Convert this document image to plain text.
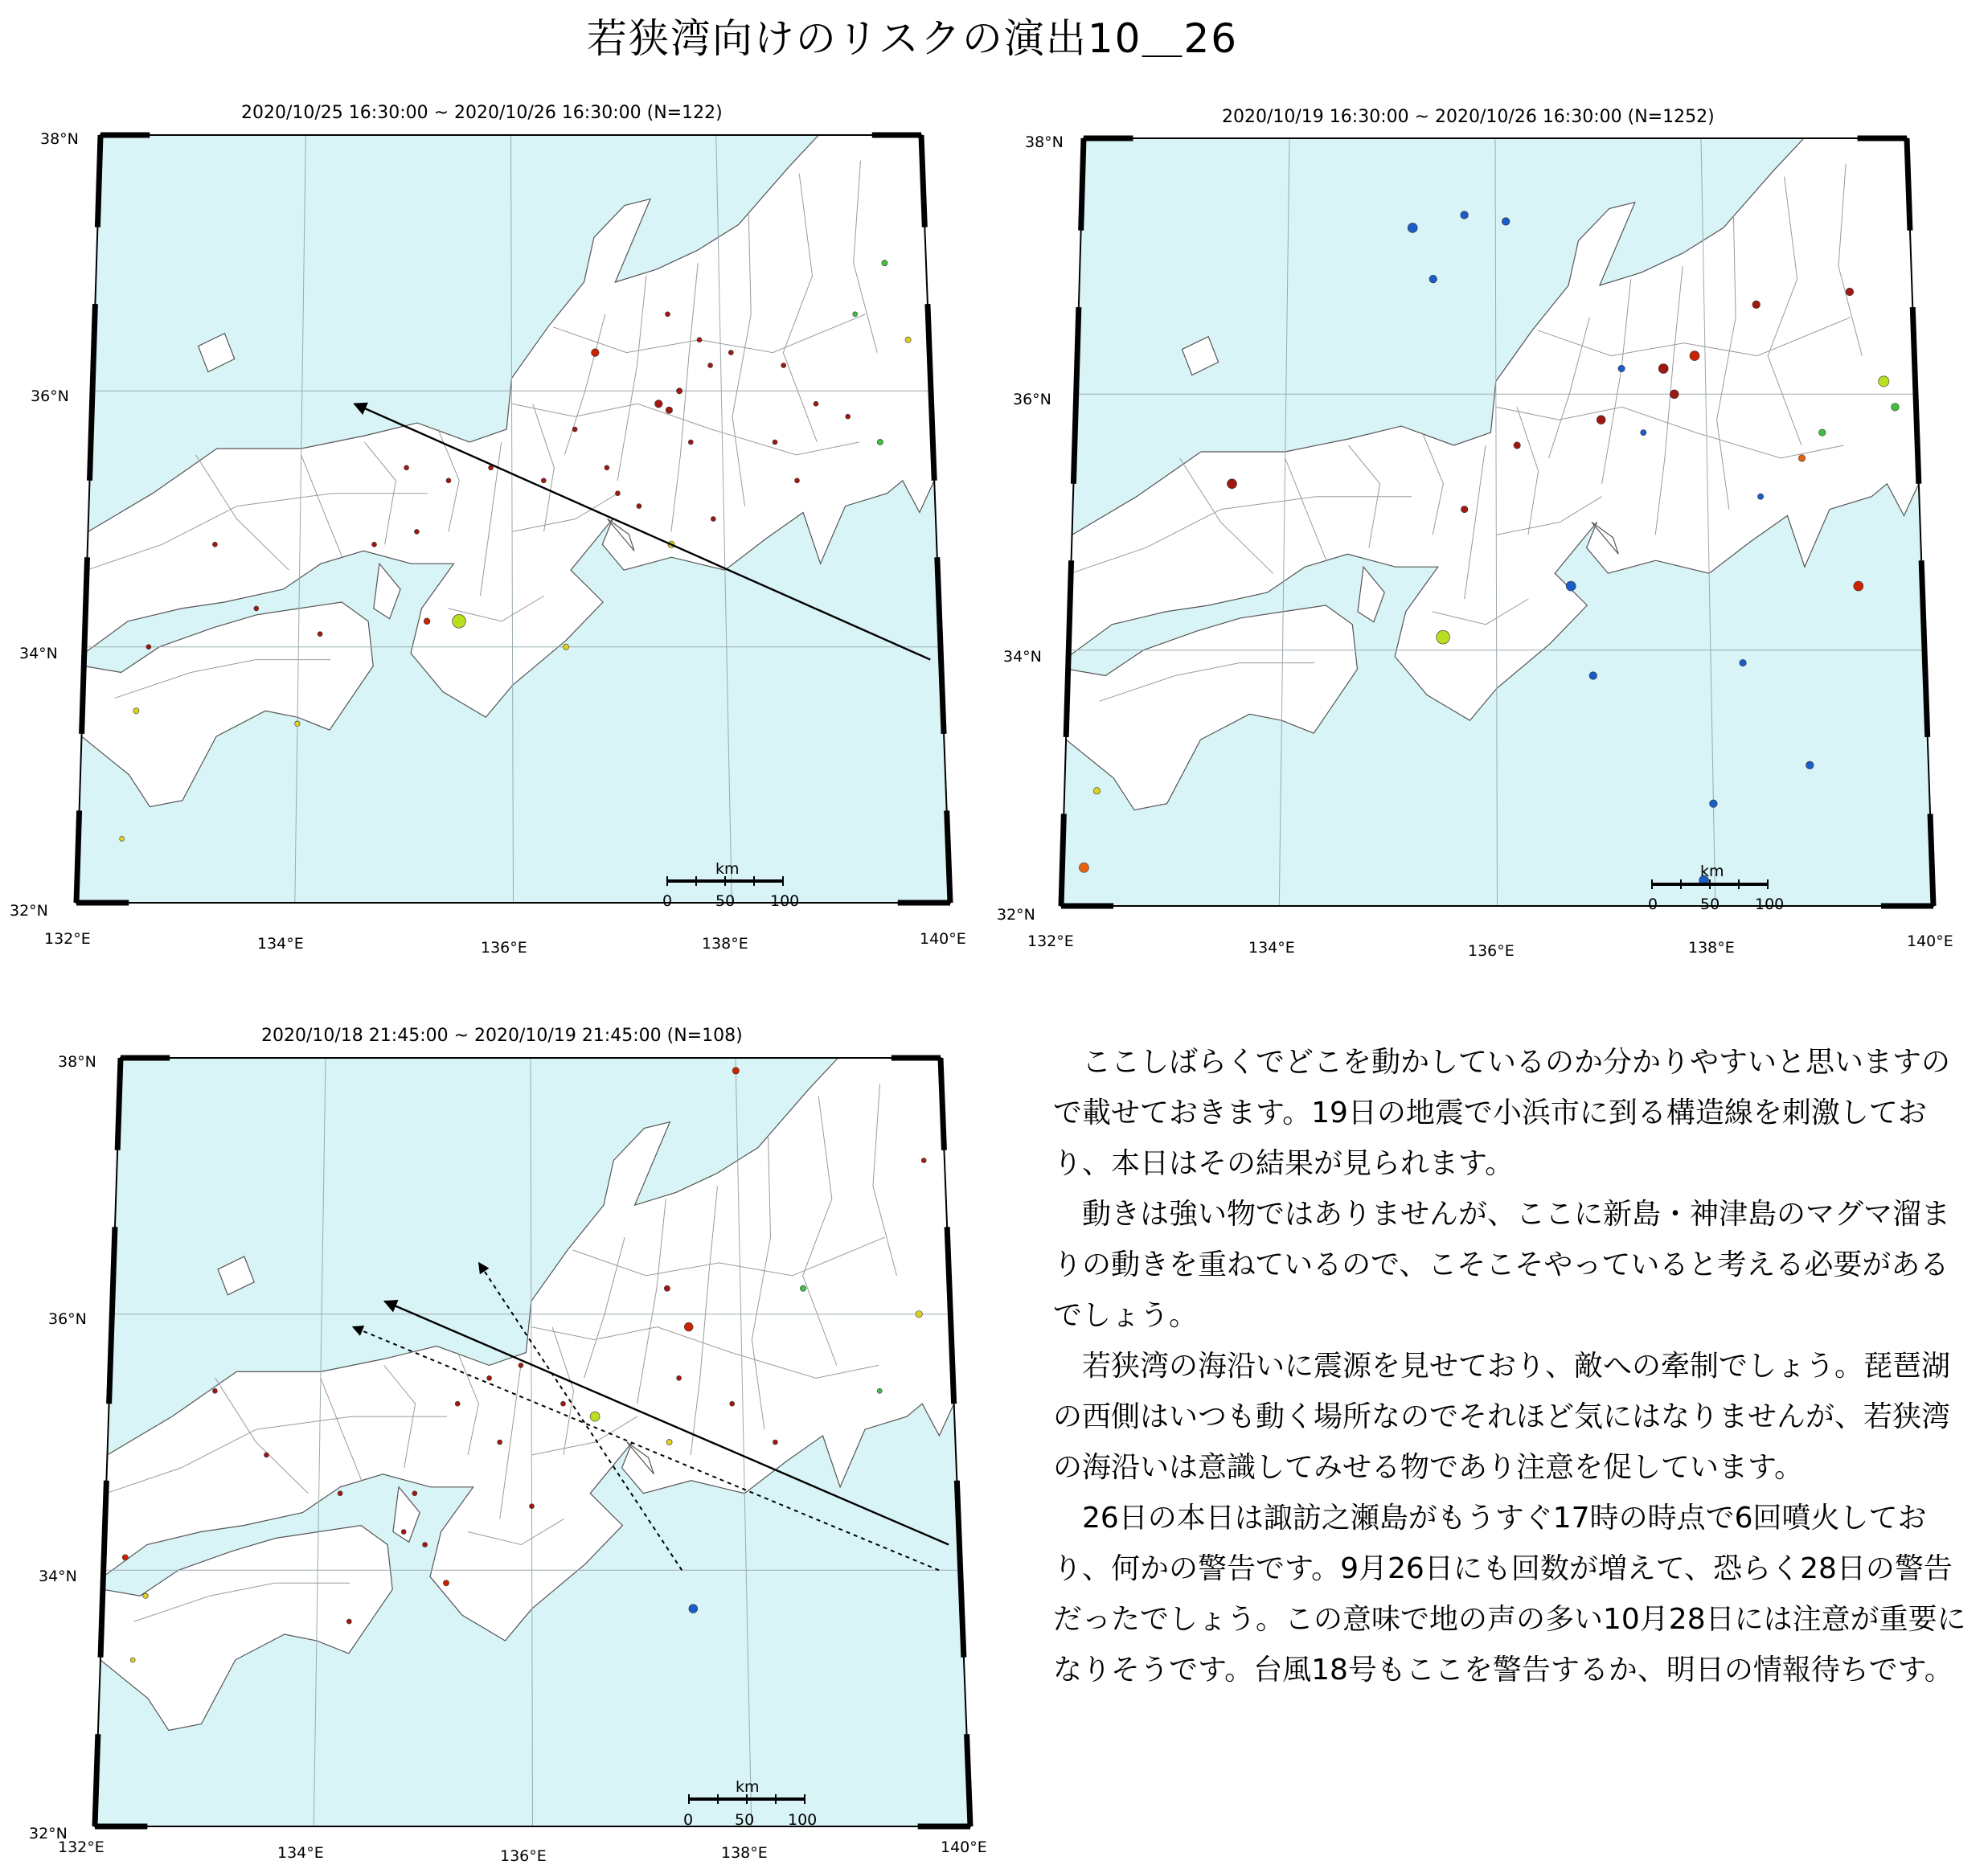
若狭湾向けのリスクの演出10＿26
2020/10/25 16:30:00 ~ 2020/10/26 16:30:00 (N=122)
38°N
36°N
34°N
32°N
132°E	134°E	136°E	138°E	140°E
km
0	50 100
2020/10/19 16:30:00 ~ 2020/10/26 16:30:00 (N=1252)
38°N
36°N
34°N
32°N
132°E	134°E	136°E	138°E	140°E
km
0	50 100
2020/10/18 21:45:00 ~ 2020/10/19 21:45:00 (N=108)
38°N
36°N
34°N
32°N
132°E	134°E	136°E	138°E	140°E
km
0	50 100

ここしばらくでどこを動かしているのか分かりやすいと思いますので載せておきます。19日の地震で小浜市に到る構造線を刺激しており、本日はその結果が見られます。

動きは強い物ではありませんが、ここに新島・神津島のマグマ溜まりの動きを重ねているので、こそこそやっていると考える必要があるでしょう。

若狭湾の海沿いに震源を見せており、敵への牽制でしょう。琵琶湖の西側はいつも動く場所なのでそれほど気にはなりませんが、若狭湾の海沿いは意識してみせる物であり注意を促しています。

26日の本日は諏訪之瀬島がもうすぐ17時の時点で6回噴火しており、何かの警告です。9月26日にも回数が増えて、恐らく28日の警告だったでしょう。この意味で地の声の多い10月28日には注意が重要になりそうです。台風18号もここを警告するか、明日の情報待ちです。
